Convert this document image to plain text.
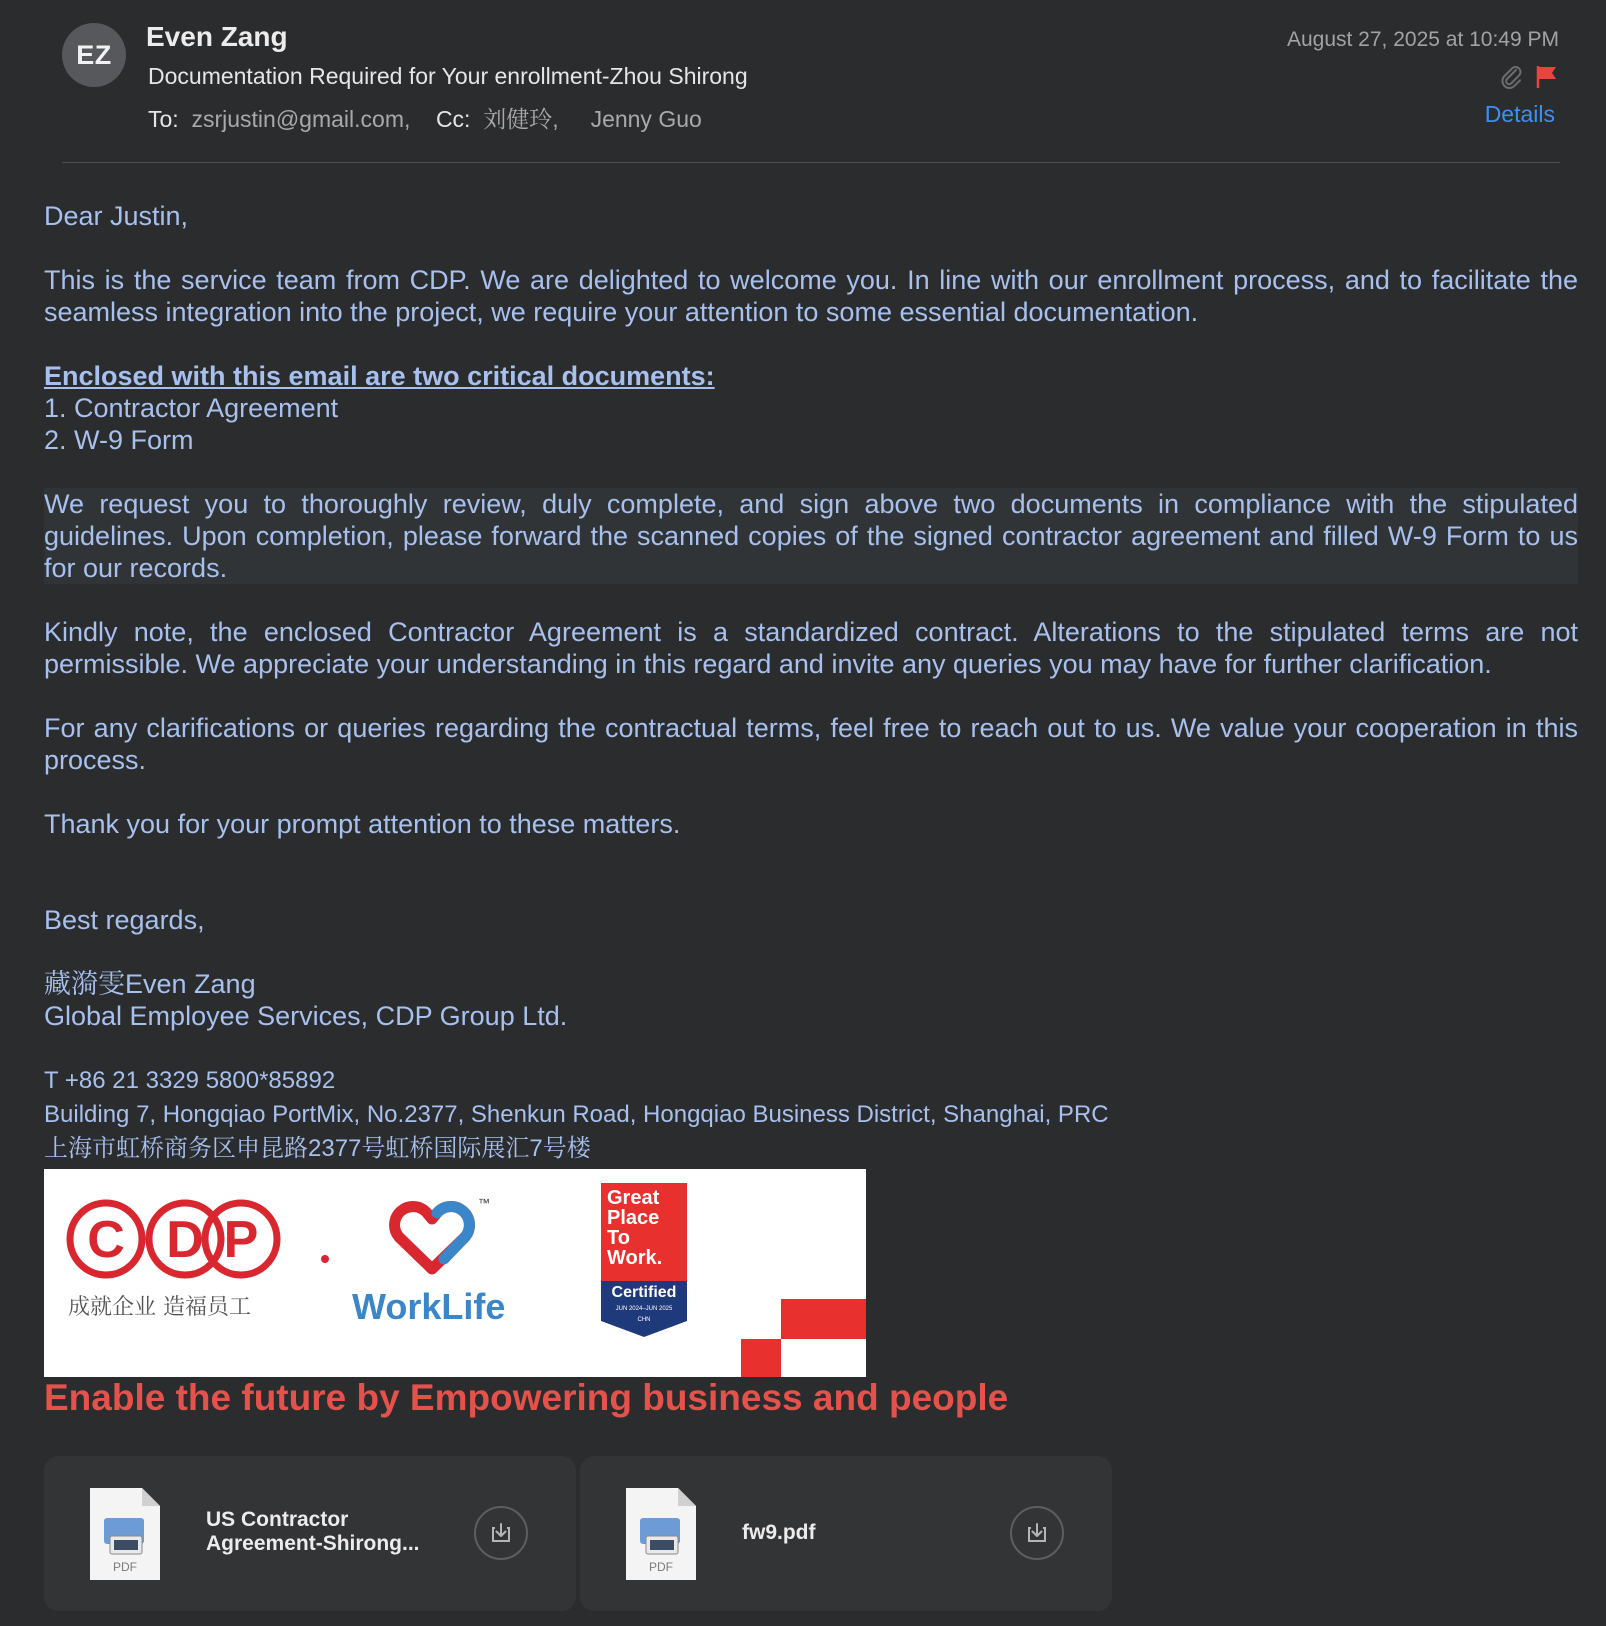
EZ
Even Zang
Documentation Required for Your enrollment-Zhou Shirong
To: zsrjustin@gmail.com, Cc: 刘健玲, Jenny Guo
August 27, 2025 at 10:49 PM
Details

Dear Justin,

This is the service team from CDP. We are delighted to welcome you. In line with our enrollment process, and to facilitate the seamless integration into the project, we require your attention to some essential documentation.

Enclosed with this email are two critical documents:

1. Contractor Agreement

2. W-9 Form

We request you to thoroughly review, duly complete, and sign above two documents in compliance with the stipulated guidelines. Upon completion, please forward the scanned copies of the signed contractor agreement and filled W-9 Form to us for our records.

Kindly note, the enclosed Contractor Agreement is a standardized contract. Alterations to the stipulated terms are not permissible. We appreciate your understanding in this regard and invite any queries you may have for further clarification.

For any clarifications or queries regarding the contractual terms, feel free to reach out to us. We value your cooperation in this process.

Thank you for your prompt attention to these matters.

Best regards,

藏漪雯Even Zang

Global Employee Services, CDP Group Ltd.

T +86 21 3329 5800*85892

Building 7, Hongqiao PortMix, No.2377, Shenkun Road, Hongqiao Business District, Shanghai, PRC

上海市虹桥商务区申昆路2377号虹桥国际展汇7号楼

C D P
成就企业 造福员工
™
WorkLife
Great
Place
To
Work.
Certified
JUN 2024–JUN 2025
CHN
Enable the future by Empowering business and people
PDF
US Contractor
Agreement-Shirong...
PDF
fw9.pdf
